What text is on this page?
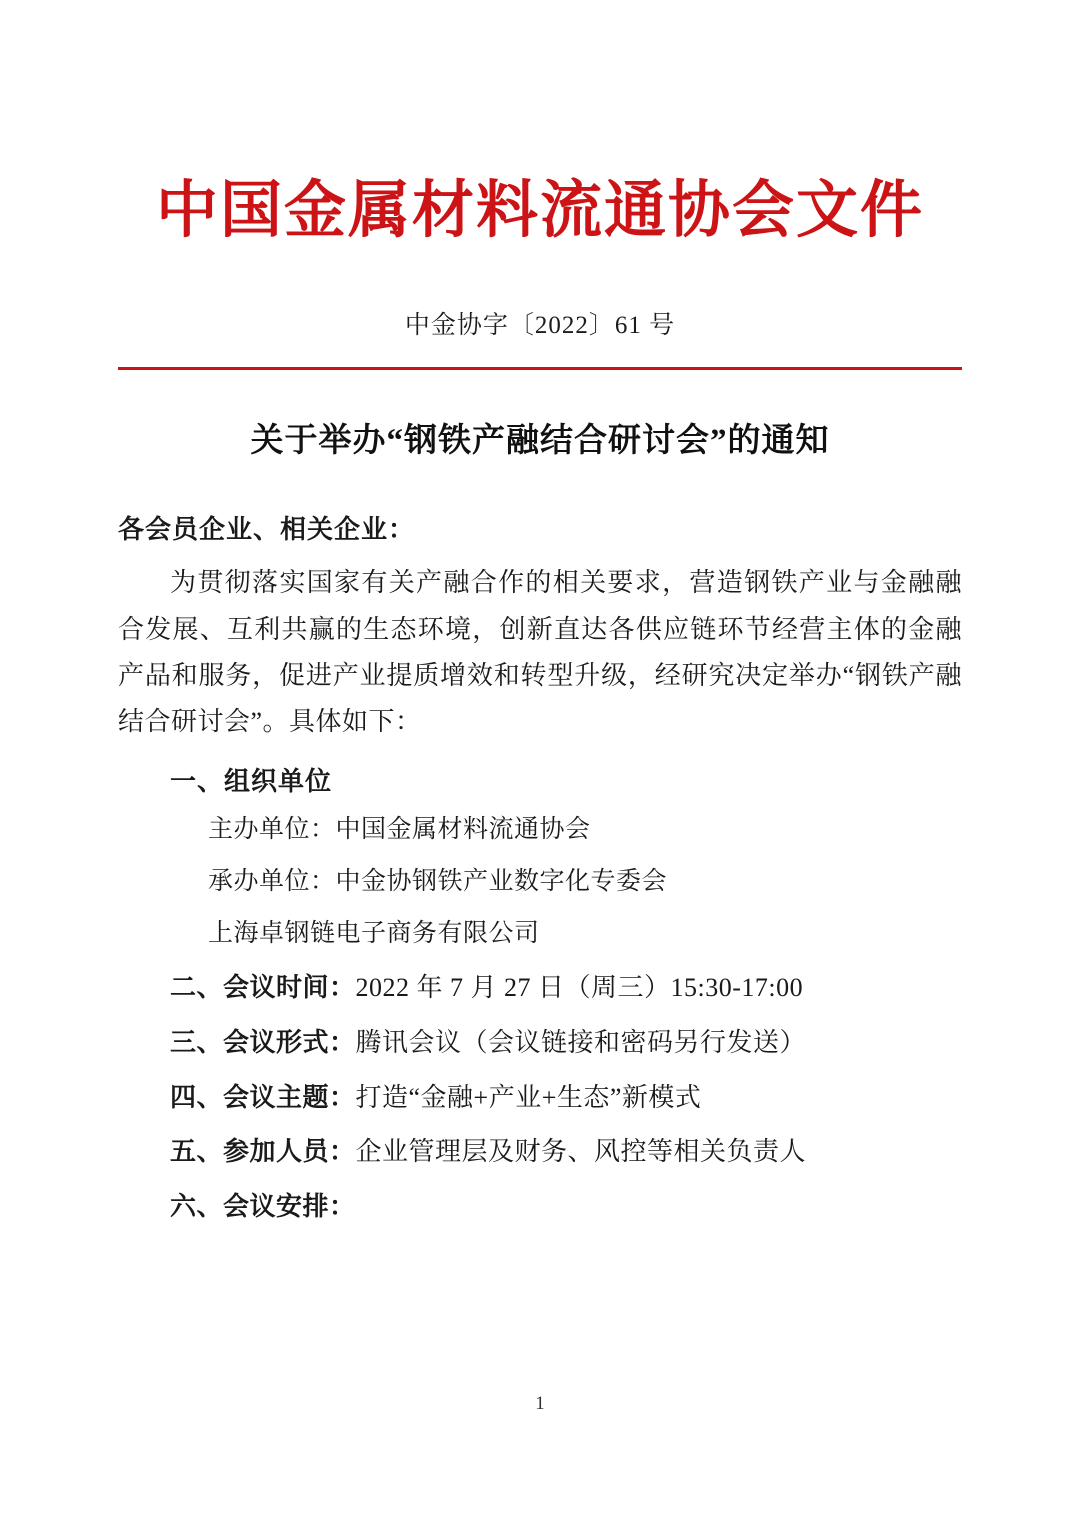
中国金属材料流通协会文件
中金协字〔2022〕61 号
关于举办“钢铁产融结合研讨会”的通知
各会员企业、相关企业：
为贯彻落实国家有关产融合作的相关要求，营造钢铁产业与金融融合发展、互利共赢的生态环境，创新直达各供应链环节经营主体的金融产品和服务，促进产业提质增效和转型升级，经研究决定举办“钢铁产融结合研讨会”。具体如下：
一、组织单位
主办单位：中国金属材料流通协会
承办单位：中金协钢铁产业数字化专委会
上海卓钢链电子商务有限公司
二、会议时间：2022 年 7 月 27 日（周三）15:30-17:00
三、会议形式：腾讯会议（会议链接和密码另行发送）
四、会议主题：打造“金融+产业+生态”新模式
五、参加人员：企业管理层及财务、风控等相关负责人
六、会议安排：
1
